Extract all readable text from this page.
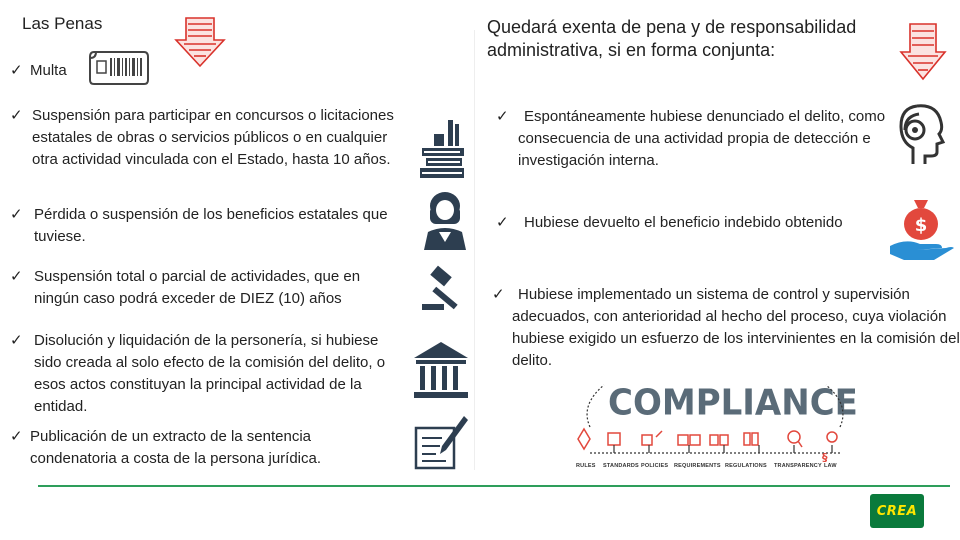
Las Penas
✓ Multa
✓ Suspensión para participar en concursos o licitaciones estatales de obras o servicios públicos o en cualquier otra actividad vinculada con el Estado, hasta 10 años.
✓ Pérdida o suspensión de los beneficios estatales que tuviese.
✓ Suspensión total o parcial de actividades, que en ningún caso podrá exceder de DIEZ (10) años
✓ Disolución y liquidación de la personería, si hubiese sido creada al solo efecto de la comisión del delito, o esos actos constituyan la principal actividad de la entidad.
✓ Publicación de un extracto de la sentencia condenatoria a costa de la persona jurídica.
Quedará exenta de pena y de responsabilidad administrativa, si en forma conjunta:
✓	Espontáneamente hubiese denunciado el delito, como consecuencia de una actividad propia de detección e investigación interna.
✓ Hubiese devuelto el beneficio indebido obtenido	$
✓ Hubiese implementado un sistema de control y supervisión adecuados, con anterioridad al hecho del proceso, cuya violación hubiese exigido un esfuerzo de los intervinientes en la comisión del delito.
COMPLIANCE
§
RULES STANDARDS POLICIES REQUIREMENTS REGULATIONS TRANSPARENCY LAW
CREA
